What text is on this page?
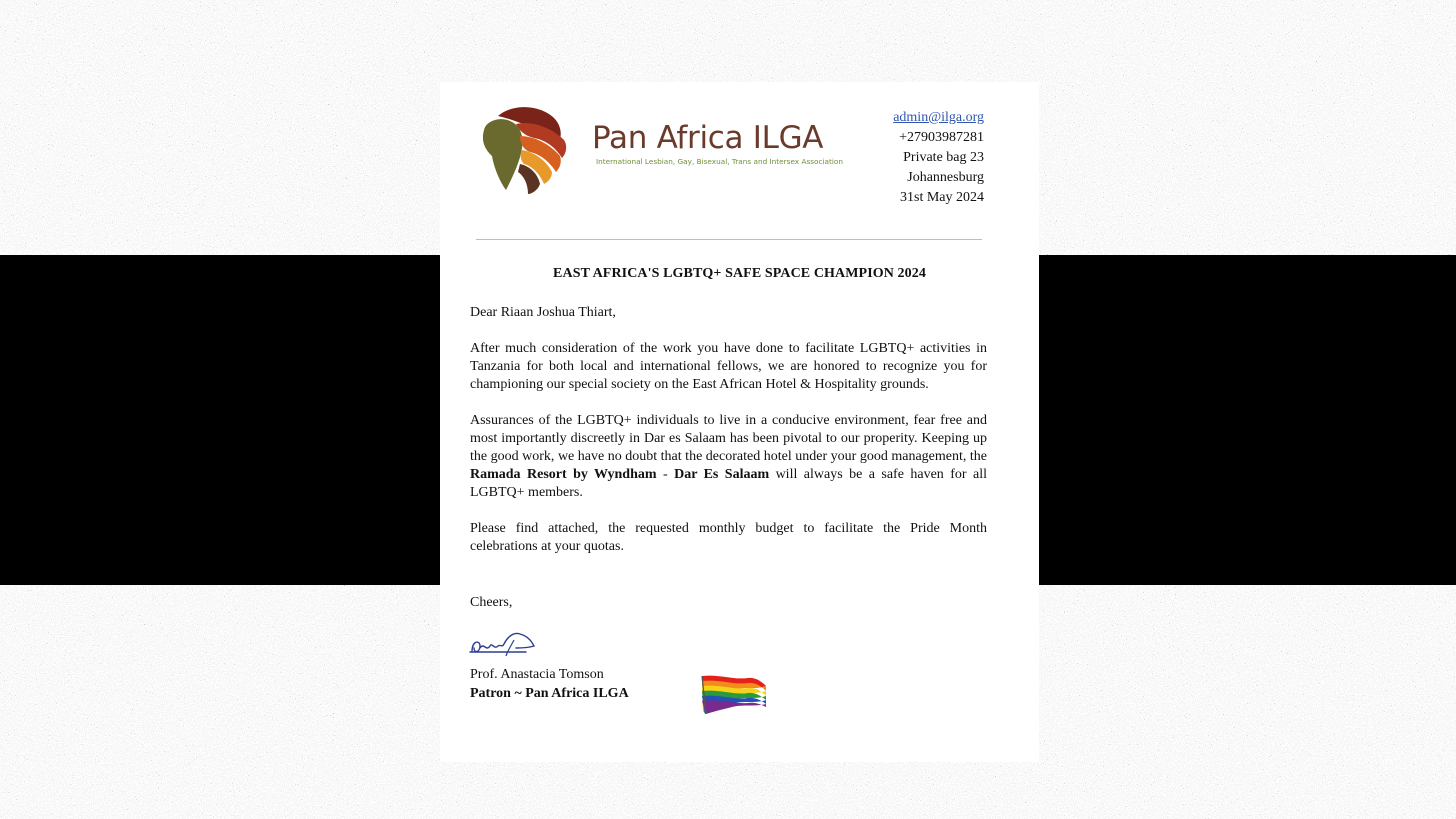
Pan Africa ILGA
International Lesbian, Gay, Bisexual, Trans and Intersex Association
admin@ilga.org
+27903987281
Private bag 23
Johannesburg
31st May 2024
EAST AFRICA'S LGBTQ+ SAFE SPACE CHAMPION 2024

Dear Riaan Joshua Thiart,

After much consideration of the work you have done to facilitate LGBTQ+ activities in Tanzania for both local and international fellows, we are honored to recognize you for championing our special society on the East African Hotel & Hospitality grounds.

Assurances of the LGBTQ+ individuals to live in a conducive environment, fear free and most importantly discreetly in Dar es Salaam has been pivotal to our properity. Keeping up the good work, we have no doubt that the decorated hotel under your good management, the Ramada Resort by Wyndham - Dar Es Salaam will always be a safe haven for all LGBTQ+ members.

Please find attached, the requested monthly budget to facilitate the Pride Month celebrations at your quotas.

Cheers,
Prof. Anastacia Tomson
Patron ~ Pan Africa ILGA
